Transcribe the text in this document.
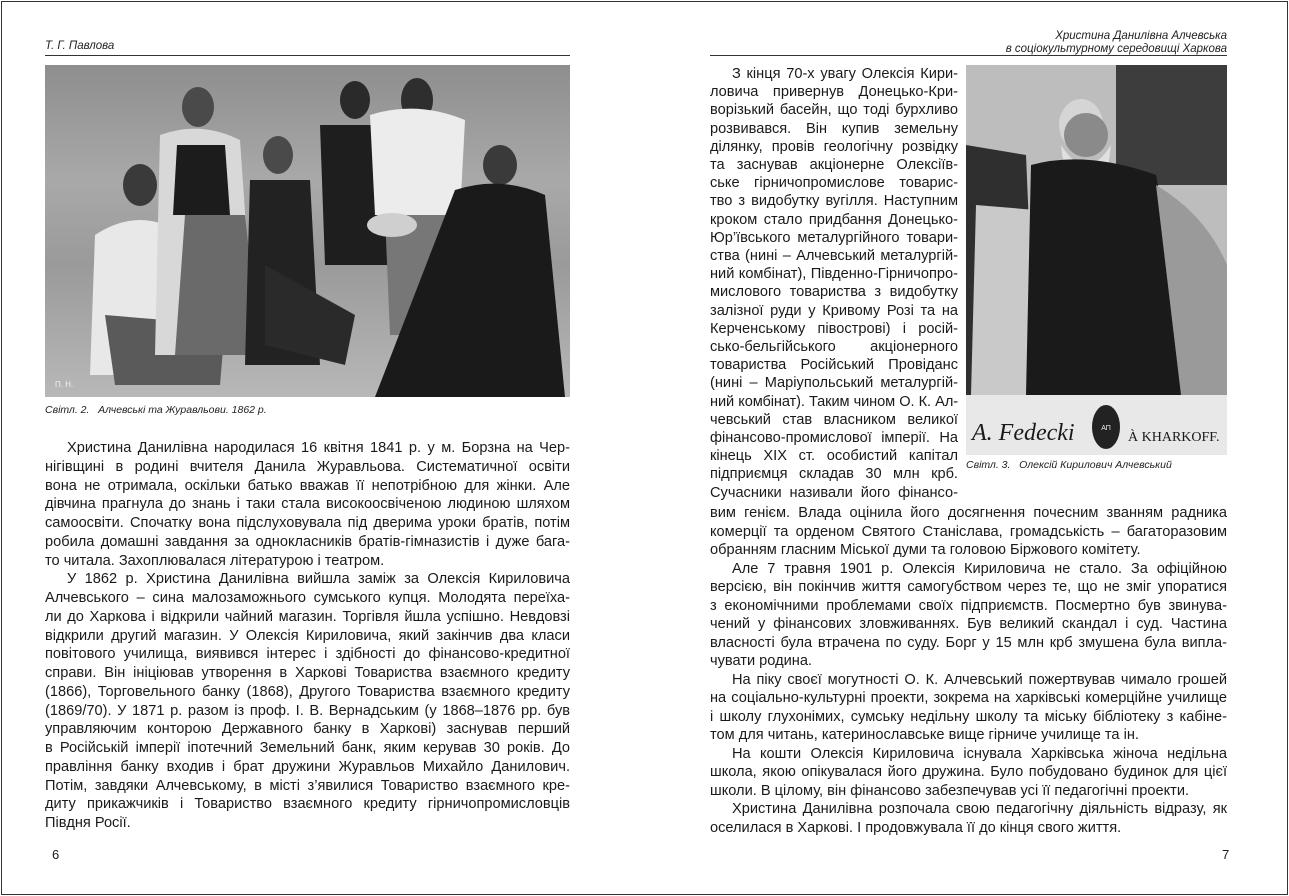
Т. Г. Павлова
П. Н.
Світл. 2.   Алчевські та Журавльови. 1862 р.
Христина Данилівна народилася 16 квітня 1841 р. у м. Борзна на Чер-
нігівщині в родині вчителя Данила Журавльова. Систематичної освіти
вона не отримала, оскільки батько вважав її непотрібною для жінки. Але
дівчина прагнула до знань і таки стала високоосвіченою людиною шляхом
самоосвіти. Спочатку вона підслуховувала під дверима уроки братів, потім
робила домашні завдання за однокласників братів-гімназистів і дуже бага-
то читала. Захоплювалася літературою і театром.
У 1862 р. Христина Данилівна вийшла заміж за Олексія Кириловича
Алчевського – сина малозаможнього сумського купця. Молодята переїха-
ли до Харкова і відкрили чайний магазин. Торгівля йшла успішно. Невдовзі
відкрили другий магазин. У Олексія Кириловича, який закінчив два класи
повітового училища, виявився інтерес і здібності до фінансово-кредитної
справи. Він ініціював утворення в Харкові Товариства взаємного кредиту
(1866), Торговельного банку (1868), Другого Товариства взаємного кредиту
(1869/70). У 1871 р. разом із проф. І. В. Вернадським (у 1868–1876 рр. був
управляючим конторою Державного банку в Харкові) заснував перший
в Російській імперії іпотечний Земельний банк, яким керував 30 років. До
правління банку входив і брат дружини Журавльов Михайло Данилович.
Потім, завдяки Алчевському, в місті з’явилися Товариство взаємного кре-
диту прикажчиків і Товариство взаємного кредиту гірничопромисловців
Півдня Росії.
6
Христина Данилівна Алчевська
в соціокультурному середовищі Харкова
A. Fedecki	АП
À KHARKOFF.
Світл. 3.   Олексій Кирилович Алчевський
З кінця 70-х увагу Олексія Кири-
ловича привернув Донецько-Кри-
ворізький басейн, що тоді бурхливо
розвивався. Він купив земельну
ділянку, провів геологічну розвідку
та заснував акціонерне Олексіїв-
ське гірничопромислове товарис-
тво з видобутку вугілля. Наступним
кроком стало придбання Донецько-
Юр’ївського металургійного товари-
ства (нині – Алчевський металургій-
ний комбінат), Південно-Гірничопро-
мислового товариства з видобутку
залізної руди у Кривому Розі та на
Керченському півострові) і росій-
сько-бельгійського акціонерного
товариства Російський Провіданс
(нині – Маріупольський металургій-
ний комбінат). Таким чином О. К. Ал-
чевський став власником великої
фінансово-промислової імперії. На
кінець XIX ст. особистий капітал
підприємця складав 30 млн крб.
Сучасники називали його фінансо-
вим генієм. Влада оцінила його досягнення почесним званням радника
комерції та орденом Святого Станіслава, громадськість – багаторазовим
обранням гласним Міської думи та головою Біржового комітету.
Але 7 травня 1901 р. Олексія Кириловича не стало. За офіційною
версією, він покінчив життя самогубством через те, що не зміг упоратися
з економічними проблемами своїх підприємств. Посмертно був звинува-
чений у фінансових зловживаннях. Був великий скандал і суд. Частина
власності була втрачена по суду. Борг у 15 млн крб змушена була випла-
чувати родина.
На піку своєї могутності О. К. Алчевський пожертвував чимало грошей
на соціально-культурні проекти, зокрема на харківські комерційне училище
і школу глухонімих, сумську недільну школу та міську бібліотеку з кабіне-
том для читань, катеринославське вище гірниче училище та ін.
На кошти Олексія Кириловича існувала Харківська жіноча недільна
школа, якою опікувалася його дружина. Було побудовано будинок для цієї
школи. В цілому, він фінансово забезпечував усі її педагогічні проекти.
Христина Данилівна розпочала свою педагогічну діяльність відразу, як
оселилася в Харкові. І продовжувала її до кінця свого життя.
7
